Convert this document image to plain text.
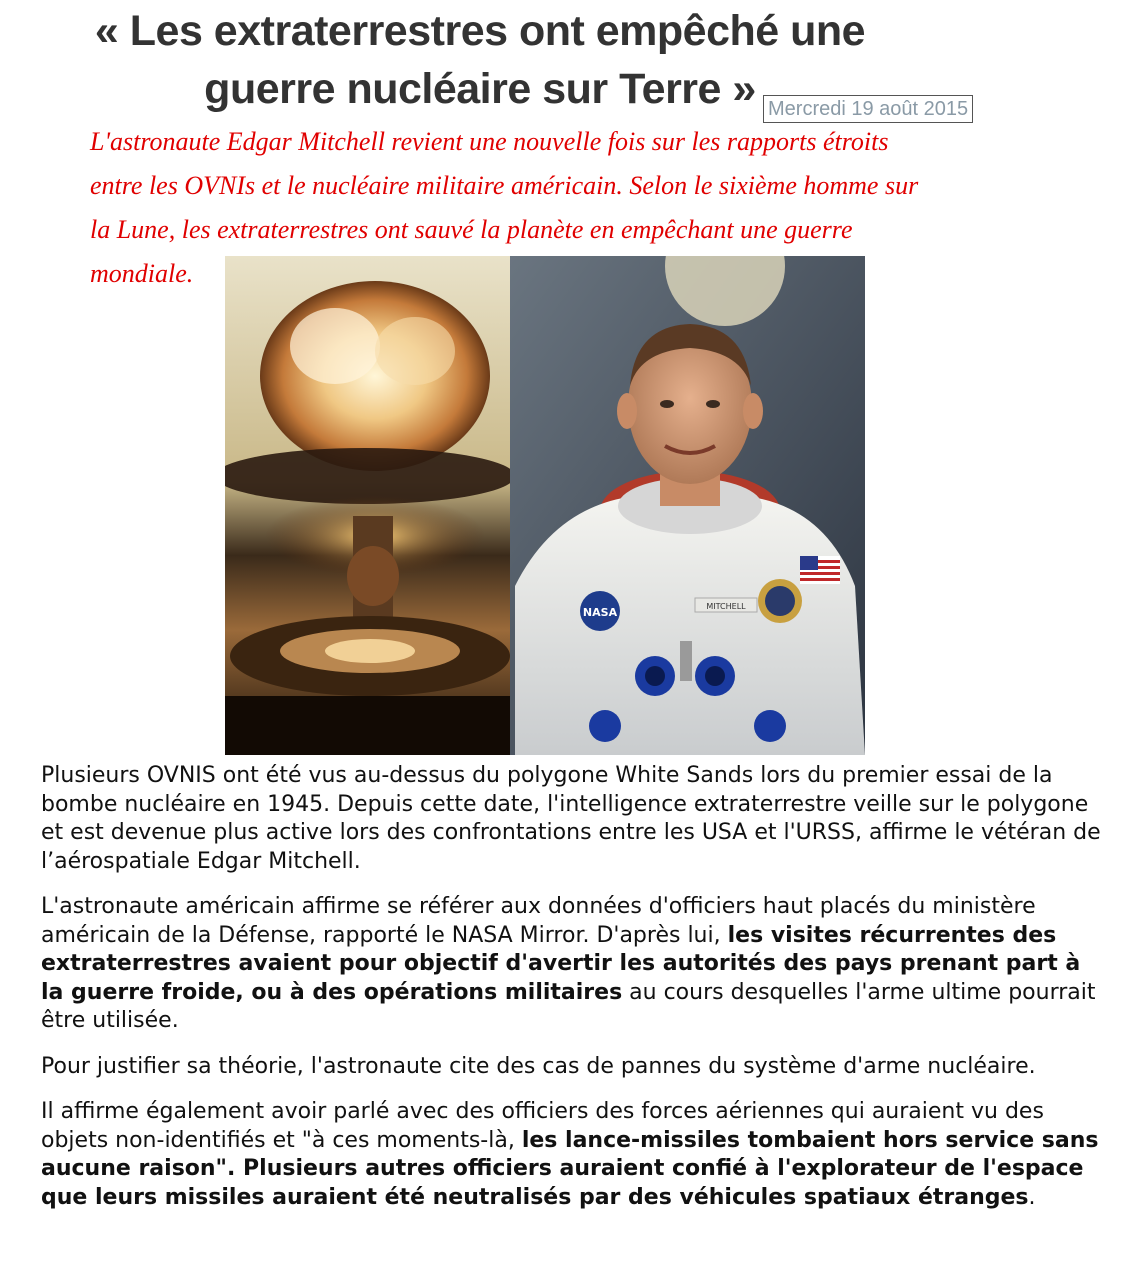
« Les extraterrestres ont empêché une guerre nucléaire sur Terre » Mercredi 19 août 2015

L'astronaute Edgar Mitchell revient une nouvelle fois sur les rapports étroits entre les OVNIs et le nucléaire militaire américain. Selon le sixième homme sur la Lune, les extraterrestres ont sauvé la planète en empêchant une guerre mondiale.

NASA	MITCHELL

Plusieurs OVNIS ont été vus au-dessus du polygone White Sands lors du premier essai de la bombe nucléaire en 1945. Depuis cette date, l'intelligence extraterrestre veille sur le polygone et est devenue plus active lors des confrontations entre les USA et l'URSS, affirme le vétéran de l’aérospatiale Edgar Mitchell.

L'astronaute américain affirme se référer aux données d'officiers haut placés du ministère américain de la Défense, rapporté le NASA Mirror. D'après lui, les visites récurrentes des extraterrestres avaient pour objectif d'avertir les autorités des pays prenant part à la guerre froide, ou à des opérations militaires au cours desquelles l'arme ultime pourrait être utilisée.

Pour justifier sa théorie, l'astronaute cite des cas de pannes du système d'arme nucléaire.

Il affirme également avoir parlé avec des officiers des forces aériennes qui auraient vu des objets non-identifiés et "à ces moments-là, les lance-missiles tombaient hors service sans aucune raison". Plusieurs autres officiers auraient confié à l'explorateur de l'espace que leurs missiles auraient été neutralisés par des véhicules spatiaux étranges.
